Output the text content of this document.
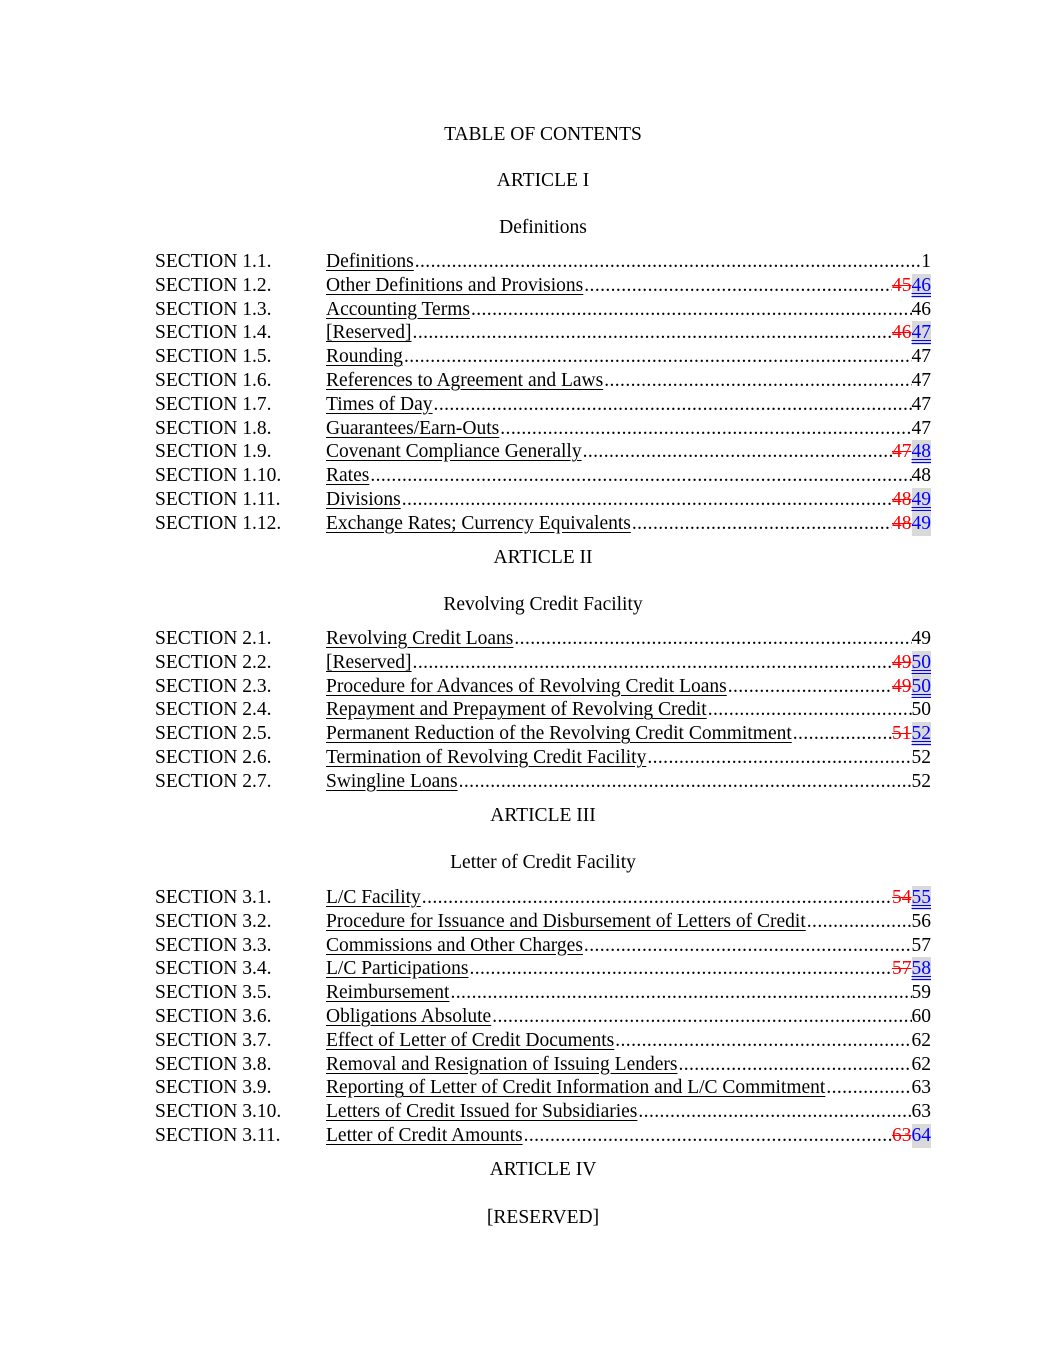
TABLE OF CONTENTS
ARTICLE I
Definitions
SECTION 1.1.	Definitions .....	1
SECTION 1.2.	Other Definitions and Provisions .....	45 46
SECTION 1.3.	Accounting Terms .....	46
SECTION 1.4.	[Reserved] .....	46 47
SECTION 1.5.	Rounding .....	47
SECTION 1.6.	References to Agreement and Laws .....	47
SECTION 1.7.	Times of Day .....	47
SECTION 1.8.	Guarantees/Earn-Outs .....	47
SECTION 1.9.	Covenant Compliance Generally .....	47 48
SECTION 1.10.	Rates .....	48
SECTION 1.11.	Divisions .....	48 49
SECTION 1.12.	Exchange Rates; Currency Equivalents .....	48 49
ARTICLE II
Revolving Credit Facility
SECTION 2.1.	Revolving Credit Loans .....	49
SECTION 2.2.	[Reserved] .....	49 50
SECTION 2.3.	Procedure for Advances of Revolving Credit Loans .....	49 50
SECTION 2.4.	Repayment and Prepayment of Revolving Credit .....	50
SECTION 2.5.	Permanent Reduction of the Revolving Credit Commitment .....	51 52
SECTION 2.6.	Termination of Revolving Credit Facility .....	52
SECTION 2.7.	Swingline Loans .....	52
ARTICLE III
Letter of Credit Facility
SECTION 3.1.	L/C Facility .....	54 55
SECTION 3.2.	Procedure for Issuance and Disbursement of Letters of Credit .....	56
SECTION 3.3.	Commissions and Other Charges .....	57
SECTION 3.4.	L/C Participations .....	57 58
SECTION 3.5.	Reimbursement .....	59
SECTION 3.6.	Obligations Absolute .....	60
SECTION 3.7.	Effect of Letter of Credit Documents .....	62
SECTION 3.8.	Removal and Resignation of Issuing Lenders .....	62
SECTION 3.9.	Reporting of Letter of Credit Information and L/C Commitment .....	63
SECTION 3.10.	Letters of Credit Issued for Subsidiaries .....	63
SECTION 3.11.	Letter of Credit Amounts .....	63 64
ARTICLE IV
[RESERVED]
